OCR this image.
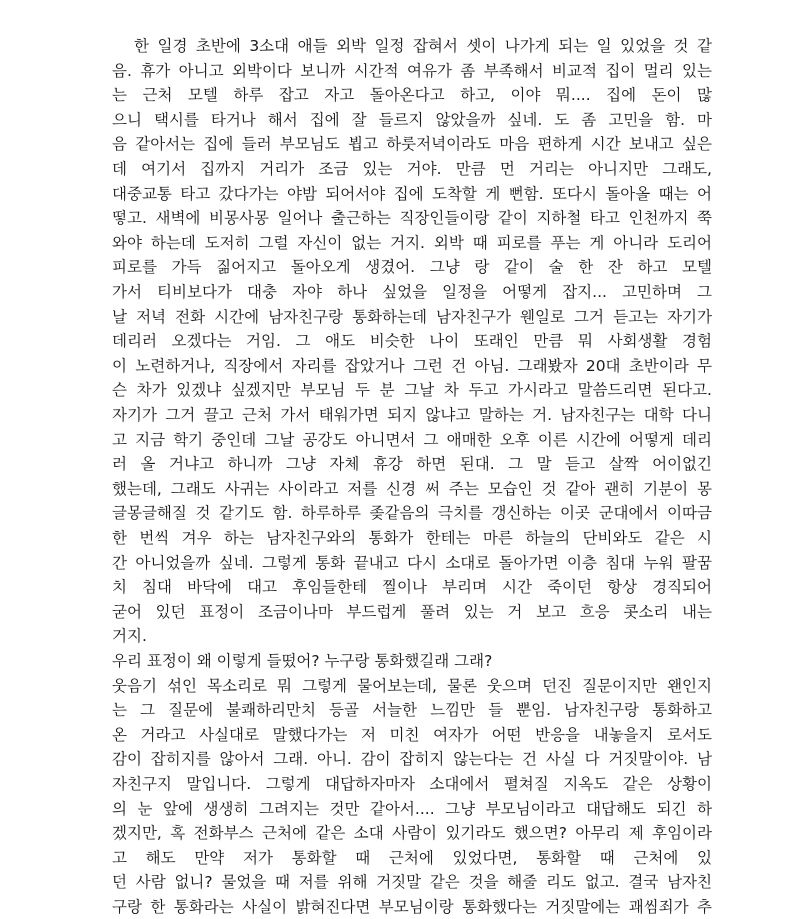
한 일경 초반에 3소대 애들 외박 일정 잡혀서 셋이 나가게 되는 일 있었을 것 같
음. 휴가 아니고 외박이다 보니까 시간적 여유가 좀 부족해서 비교적 집이 멀리 있는
는 근처 모텔 하루 잡고 자고 돌아온다고 하고, 이야 뭐.... 집에 돈이 많
으니 택시를 타거나 해서 집에 잘 들르지 않았을까 싶네. 도 좀 고민을 함. 마
음 같아서는 집에 들러 부모님도 뵙고 하룻저녁이라도 마음 편하게 시간 보내고 싶은
데 여기서 집까지 거리가 조금 있는 거야. 만큼 먼 거리는 아니지만 그래도,
대중교통 타고 갔다가는 야밤 되어서야 집에 도착할 게 뻔함. 또다시 돌아올 때는 어
떻고. 새벽에 비몽사몽 일어나 출근하는 직장인들이랑 같이 지하철 타고 인천까지 쭉
와야 하는데 도저히 그럴 자신이 없는 거지. 외박 때 피로를 푸는 게 아니라 도리어
피로를 가득 짊어지고 돌아오게 생겼어. 그냥 랑 같이 술 한 잔 하고 모텔
가서 티비보다가 대충 자야 하나 싶었을 일정을 어떻게 잡지... 고민하며 그
날 저녁 전화 시간에 남자친구랑 통화하는데 남자친구가 웬일로 그거 듣고는 자기가
데리러 오겠다는 거임. 그 애도 비슷한 나이 또래인 만큼 뭐 사회생활 경험
이 노련하거나, 직장에서 자리를 잡았거나 그런 건 아님. 그래봤자 20대 초반이라 무
슨 차가 있겠냐 싶겠지만 부모님 두 분 그날 차 두고 가시라고 말씀드리면 된다고.
자기가 그거 끌고 근처 가서 태워가면 되지 않냐고 말하는 거. 남자친구는 대학 다니
고 지금 학기 중인데 그날 공강도 아니면서 그 애매한 오후 이른 시간에 어떻게 데리
러 올 거냐고 하니까 그냥 자체 휴강 하면 된대. 그 말 듣고 살짝 어이없긴
했는데, 그래도 사귀는 사이라고 저를 신경 써 주는 모습인 것 같아 괜히 기분이 몽
글몽글해질 것 같기도 함. 하루하루 좆같음의 극치를 갱신하는 이곳 군대에서 이따금
한 번씩 겨우 하는 남자친구와의 통화가 한테는 마른 하늘의 단비와도 같은 시
간 아니었을까 싶네. 그렇게 통화 끝내고 다시 소대로 돌아가면 이층 침대 누워 팔꿈
치 침대 바닥에 대고 후임들한테 찔이나 부리며 시간 죽이던 항상 경직되어
굳어 있던 표정이 조금이나마 부드럽게 풀려 있는 거 보고 흐응 콧소리 내는
거지.
우리 표정이 왜 이렇게 들떴어? 누구랑 통화했길래 그래?
웃음기 섞인 목소리로 뭐 그렇게 물어보는데, 물론 웃으며 던진 질문이지만 왠인지
는 그 질문에 불쾌하리만치 등골 서늘한 느낌만 들 뿐임. 남자친구랑 통화하고
온 거라고 사실대로 말했다가는 저 미친 여자가 어떤 반응을 내놓을지 로서도
감이 잡히지를 않아서 그래. 아니. 감이 잡히지 않는다는 건 사실 다 거짓말이야. 남
자친구지 말입니다. 그렇게 대답하자마자 소대에서 펼쳐질 지옥도 같은 상황이
의 눈 앞에 생생히 그려지는 것만 같아서.... 그냥 부모님이라고 대답해도 되긴 하
겠지만, 혹 전화부스 근처에 같은 소대 사람이 있기라도 했으면? 아무리 제 후임이라
고 해도 만약 저가 통화할 때 근처에 있었다면, 통화할 때 근처에 있
던 사람 없니? 물었을 때 저를 위해 거짓말 같은 것을 해줄 리도 없고. 결국 남자친
구랑 한 통화라는 사실이 밝혀진다면 부모님이랑 통화했다는 거짓말에는 괘씸죄가 추
